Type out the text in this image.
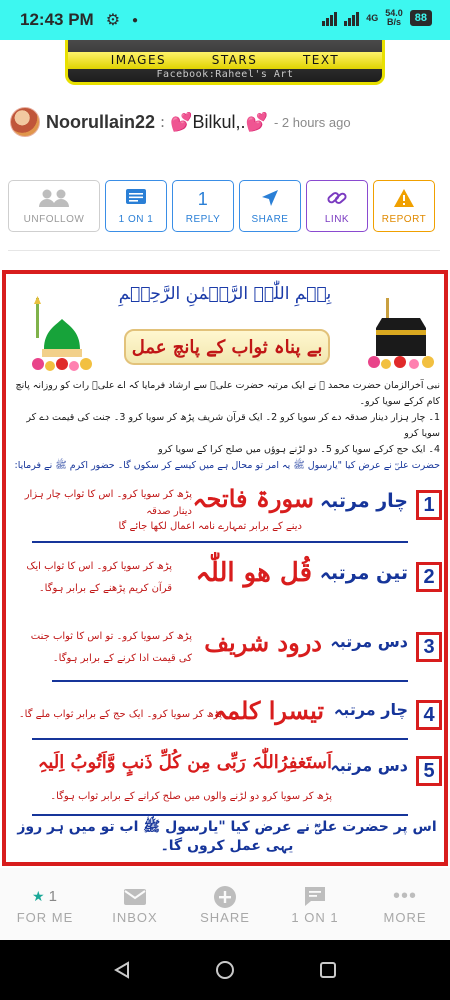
12:43 PM ⚙ ●	4G 54.0
B/s	88
IMAGES	STARS	TEXT
Facebook:Raheel's Art
Noorullain22 : 💕 Bilkul,. 💕 - 2 hours ago
UNFOLLOW	1 ON 1
1
REPLY	SHARE	LINK	REPORT
بِسۡمِ اللّٰہِ الرَّحۡمٰنِ الرَّحِیۡمِ
بے پناہ ثواب کے پانچ عمل
نبی آخرالزمان حضرت محمد ﷺ نے ایک مرتبہ حضرت علیؓ سے ارشاد فرمایا کہ اے علیؓ رات کو روزانہ پانچ کام کرکے سویا کرو۔
1۔ چار ہزار دینار صدقہ دے کر سویا کرو 2۔ ایک قرآن شریف پڑھ کر سویا کرو 3۔ جنت کی قیمت دے کر سویا کرو
4۔ ایک حج کرکے سویا کرو 5۔ دو لڑنے ہوؤں میں صلح کرا کے سویا کرو
حضرت علیؓ نے عرض کیا "یارسول ﷺ یہ امر تو محال ہے میں کیسے کر سکوں گا۔ حضور اکرم ﷺ نے فرمایا:
1
چار مرتبہ
سورۃ فاتحہ
پڑھ کر سویا کرو۔ اس کا ثواب چار ہزار دینار صدقہ
دینے کے برابر تمہارے نامہ اعمال لکھا جائے گا
2
تین مرتبہ
قُل ھو اللّٰہ
پڑھ کر سویا کرو۔ اس کا ثواب ایک
قرآن کریم پڑھنے کے برابر ہوگا۔
3
دس مرتبہ
درود شریف
پڑھ کر سویا کرو۔ تو اس کا ثواب جنت
کی قیمت ادا کرنے کے برابر ہوگا۔
4
چار مرتبہ
تیسرا کلمہ
پڑھ کر سویا کرو۔ ایک حج کے برابر ثواب ملے گا۔
5
دس مرتبہ
اَستَغفِرُاللّٰہَ رَبِّی مِن کُلِّ ذَنبٍ وَّاَتُوبُ اِلَیہِ
پڑھ کر سویا کرو دو لڑنے والوں میں صلح کرانے کے برابر ثواب ہوگا۔
اس پر حضرت علیؓ نے عرض کیا "یارسول ﷺ اب تو میں ہر روز یہی عمل کروں گا۔
★ 1
FOR ME	INBOX	SHARE	1 ON 1
•••
MORE
